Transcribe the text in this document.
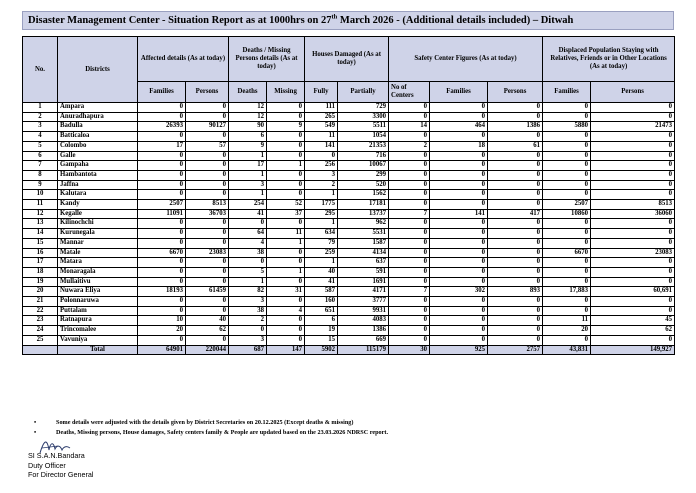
Disaster Management Center - Situation Report as at 1000hrs on 27th March 2026 - (Additional details included) – Ditwah
No.	Districts	Affected details (As at today)		Deaths / Missing Persons details (As at today)		Houses Damaged (As at today)		Safety Center Figures (As at today)			Displaced Population Staying with Relatives, Friends or in Other Locations (As at today)	
		Families	Persons	Deaths	Missing	Fully	Partially	No of Centers	Families	Persons	Families	Persons
1	Ampara	0	0	12	0	111	729	0	0	0	0	0
2	Anuradhapura	0	0	12	0	265	3300	0	0	0	0	0
3	Badulla	26393	90127	90	9	549	5511	14	464	1386	5880	21473
4	Batticaloa	0	0	6	0	11	1054	0	0	0	0	0
5	Colombo	17	57	9	0	141	21353	2	18	61	0	0
6	Galle	0	0	1	0	0	716	0	0	0	0	0
7	Gampaha	0	0	17	1	256	10067	0	0	0	0	0
8	Hambantota	0	0	1	0	3	299	0	0	0	0	0
9	Jaffna	0	0	3	0	2	520	0	0	0	0	0
10	Kalutara	0	0	1	0	1	1562	0	0	0	0	0
11	Kandy	2507	8513	254	52	1775	17181	0	0	0	2507	8513
12	Kegalle	11091	36703	41	37	295	13737	7	141	417	10860	36060
13	Kilinochchi	0	0	0	0	1	962	0	0	0	0	0
14	Kurunegala	0	0	64	11	634	5531	0	0	0	0	0
15	Mannar	0	0	4	1	79	1587	0	0	0	0	0
16	Matale	6670	23083	38	0	259	4134	0	0	0	6670	23083
17	Matara	0	0	0	0	1	637	0	0	0	0	0
18	Monaragala	0	0	5	1	40	591	0	0	0	0	0
19	Mullaitivu	0	0	1	0	41	1691	0	0	0	0	0
20	Nuwara Eliya	18193	61459	82	31	587	4171	7	302	893	17,883	60,691
21	Polonnaruwa	0	0	3	0	160	3777	0	0	0	0	0
22	Puttalam	0	0	38	4	651	9931	0	0	0	0	0
23	Ratnapura	10	40	2	0	6	4083	0	0	0	11	45
24	Trincomalee	20	62	0	0	19	1386	0	0	0	20	62
25	Vavuniya	0	0	3	0	15	669	0	0	0	0	0
	Total	64901	220044	687	147	5902	115179	30	925	2757	43,831	149,927
•	Some details were adjusted with the details given by District Secretaries on 20.12.2025 (Except deaths & missing)
•	Deaths, Missing persons, House damages, Safety centers family & People are updated based on the 23.03.2026 NDRSC report.
SI S.A.N.Bandara
Duty Officer
For Director General
